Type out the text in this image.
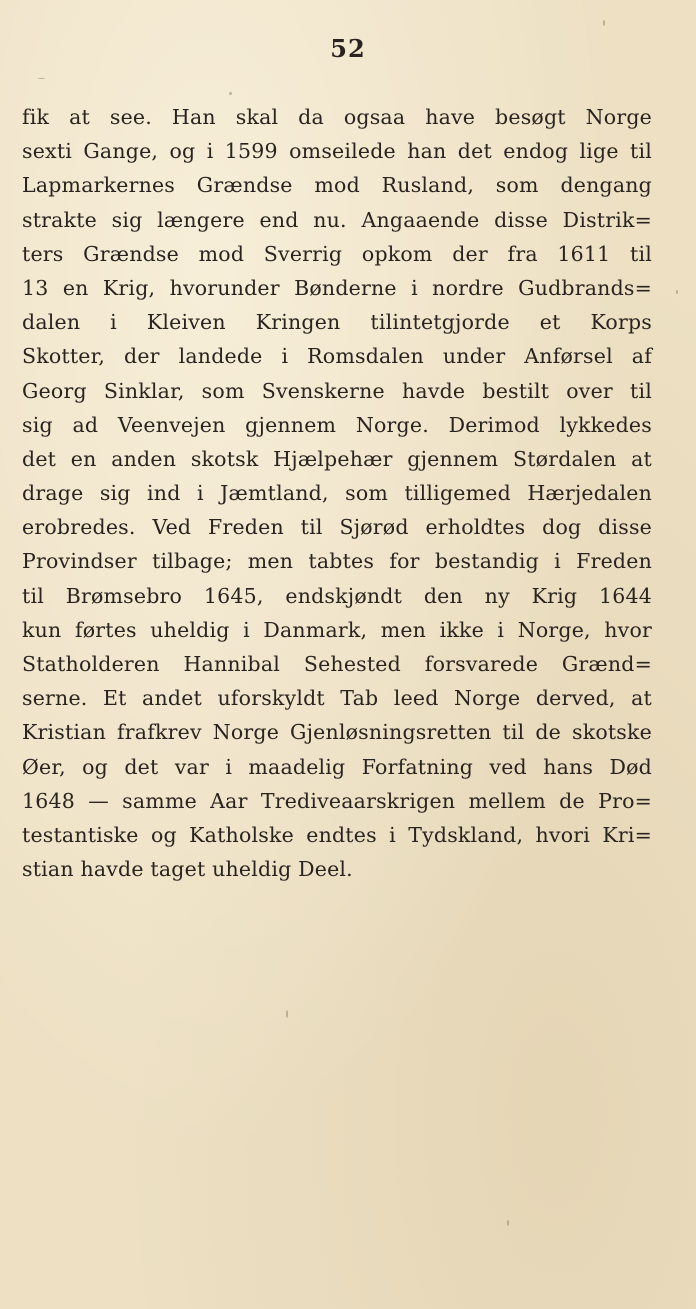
52
fik at see. Han skal da ogsaa have besøgt Norge
sexti Gange, og i 1599 omseilede han det endog lige til
Lapmarkernes Grændse mod Rusland, som dengang
strakte sig længere end nu. Angaaende disse Distrik=
ters Grændse mod Sverrig opkom der fra 1611 til
13 en Krig, hvorunder Bønderne i nordre Gudbrands=
dalen i Kleiven Kringen tilintetgjorde et Korps
Skotter, der landede i Romsdalen under Anførsel af
Georg Sinklar, som Svenskerne havde bestilt over til
sig ad Veenvejen gjennem Norge. Derimod lykkedes
det en anden skotsk Hjælpehær gjennem Størdalen at
drage sig ind i Jæmtland, som tilligemed Hærjedalen
erobredes. Ved Freden til Sjørød erholdtes dog disse
Provindser tilbage; men tabtes for bestandig i Freden
til Brømsebro 1645, endskjøndt den ny Krig 1644
kun førtes uheldig i Danmark, men ikke i Norge, hvor
Statholderen Hannibal Sehested forsvarede Grænd=
serne. Et andet uforskyldt Tab leed Norge derved, at
Kristian frafkrev Norge Gjenløsningsretten til de skotske
Øer, og det var i maadelig Forfatning ved hans Død
1648 — samme Aar Trediveaarskrigen mellem de Pro=
testantiske og Katholske endtes i Tydskland, hvori Kri=
stian havde taget uheldig Deel.
